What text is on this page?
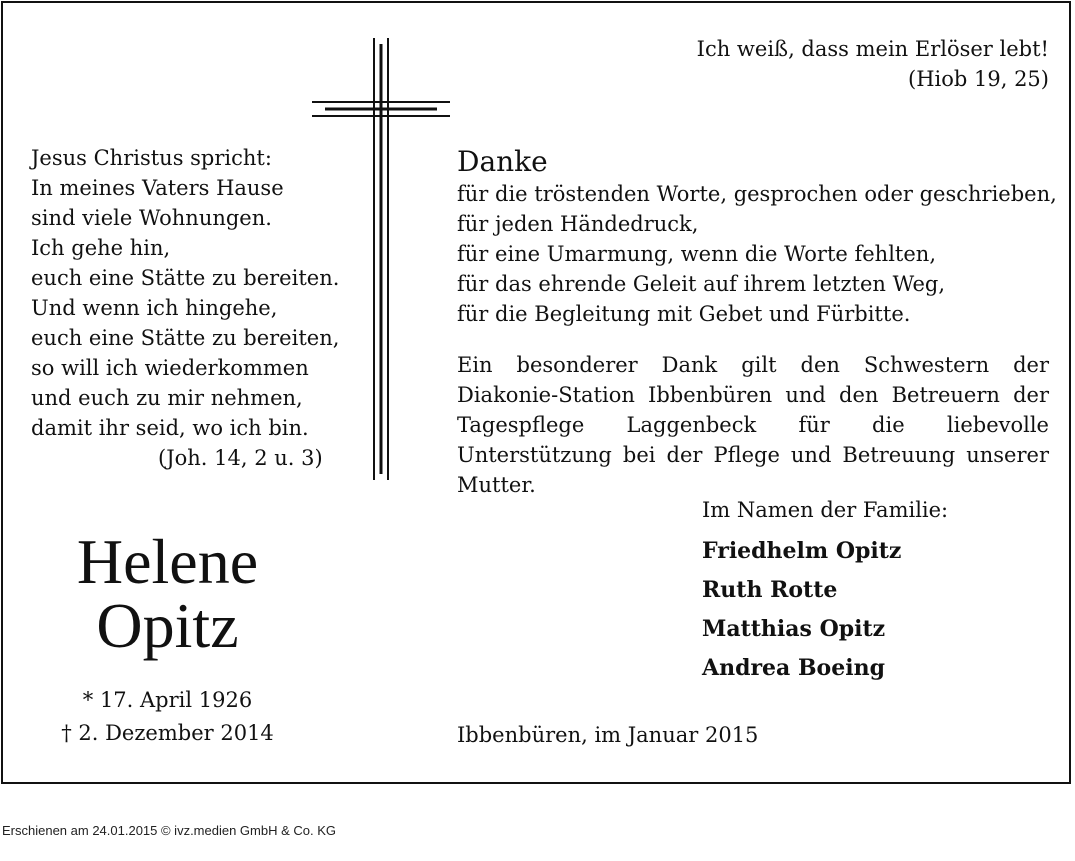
Ich weiß, dass mein Erlöser lebt!
(Hiob 19, 25)
Jesus Christus spricht:
In meines Vaters Hause
sind viele Wohnungen.
Ich gehe hin,
euch eine Stätte zu bereiten.
Und wenn ich hingehe,
euch eine Stätte zu bereiten,
so will ich wiederkommen
und euch zu mir nehmen,
damit ihr seid, wo ich bin.
(Joh. 14, 2 u. 3)
Danke
für die tröstenden Worte, gesprochen oder geschrieben,
für jeden Händedruck,
für eine Umarmung, wenn die Worte fehlten,
für das ehrende Geleit auf ihrem letzten Weg,
für die Begleitung mit Gebet und Fürbitte.
Ein besonderer Dank gilt den Schwestern der Diakonie-Station Ibbenbüren und den Betreuern der Tagespflege Laggenbeck für die liebevolle Unterstützung bei der Pflege und Betreuung unserer Mutter.
Im Namen der Familie:
Friedhelm Opitz
Ruth Rotte
Matthias Opitz
Andrea Boeing
Helene
Opitz
* 17. April 1926
† 2. Dezember 2014	Ibbenbüren, im Januar 2015
Erschienen am 24.01.2015 © ivz.medien GmbH & Co. KG
